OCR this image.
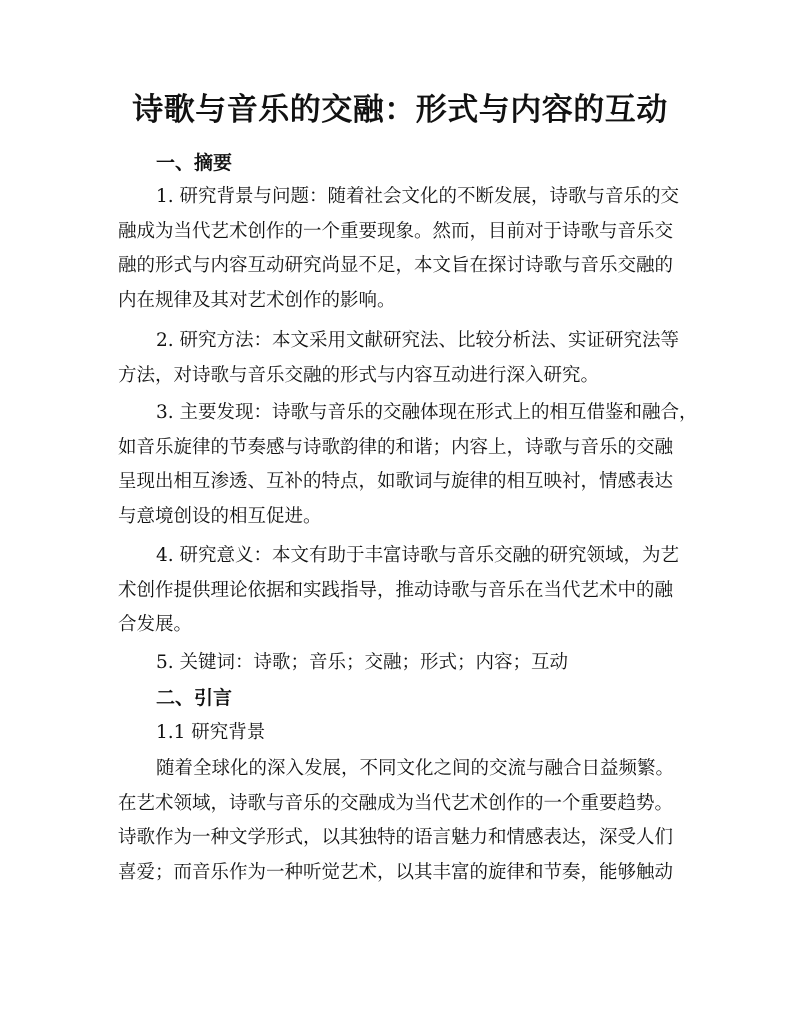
诗歌与音乐的交融：形式与内容的互动
一、摘要
1. 研究背景与问题：随着社会文化的不断发展，诗歌与音乐的交
融成为当代艺术创作的一个重要现象。然而，目前对于诗歌与音乐交
融的形式与内容互动研究尚显不足，本文旨在探讨诗歌与音乐交融的
内在规律及其对艺术创作的影响。
2. 研究方法：本文采用文献研究法、比较分析法、实证研究法等
方法，对诗歌与音乐交融的形式与内容互动进行深入研究。
3. 主要发现：诗歌与音乐的交融体现在形式上的相互借鉴和融合，
如音乐旋律的节奏感与诗歌韵律的和谐；内容上，诗歌与音乐的交融
呈现出相互渗透、互补的特点，如歌词与旋律的相互映衬，情感表达
与意境创设的相互促进。
4. 研究意义：本文有助于丰富诗歌与音乐交融的研究领域，为艺
术创作提供理论依据和实践指导，推动诗歌与音乐在当代艺术中的融
合发展。
5. 关键词：诗歌；音乐；交融；形式；内容；互动
二、引言
1.1 研究背景
随着全球化的深入发展，不同文化之间的交流与融合日益频繁。
在艺术领域，诗歌与音乐的交融成为当代艺术创作的一个重要趋势。
诗歌作为一种文学形式，以其独特的语言魅力和情感表达，深受人们
喜爱；而音乐作为一种听觉艺术，以其丰富的旋律和节奏，能够触动
